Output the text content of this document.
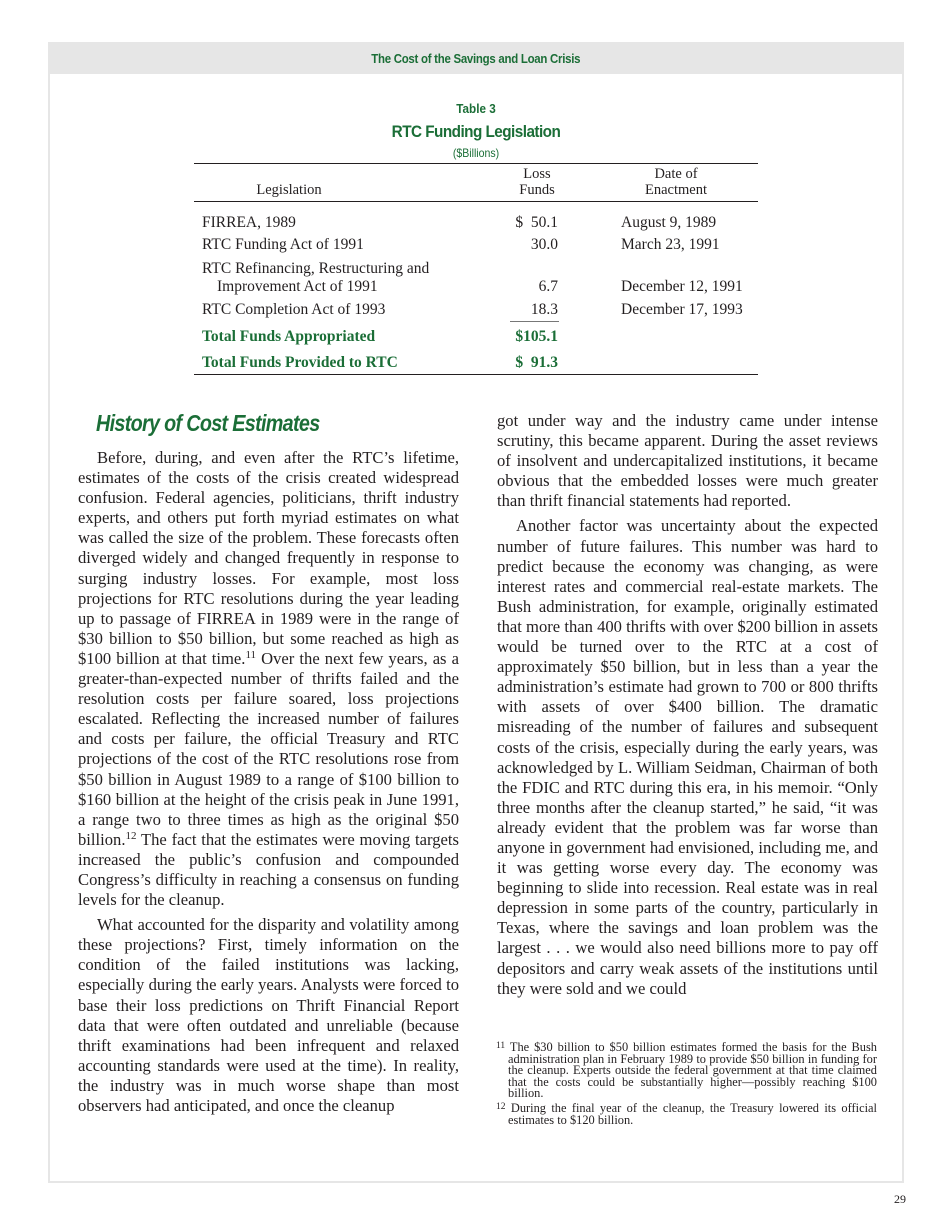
The Cost of the Savings and Loan Crisis
Table 3
RTC Funding Legislation
($Billions)
Legislation
Loss
Funds
Date of
Enactment
FIRREA, 1989	$  50.1	August 9, 1989
RTC Funding Act of 1991	30.0	March 23, 1991
RTC Refinancing, Restructuring and
Improvement Act of 1991	6.7	December 12, 1991
RTC Completion Act of 1993	18.3	December 17, 1993
Total Funds Appropriated	$105.1
Total Funds Provided to RTC	$  91.3
History of Cost Estimates

Before, during, and even after the RTC’s lifetime, estimates of the costs of the crisis created widespread confusion. Federal agencies, politicians, thrift industry experts, and others put forth myriad estimates on what was called the size of the problem. These forecasts often diverged widely and changed frequently in response to surging industry losses. For example, most loss projections for RTC resolutions during the year leading up to passage of FIRREA in 1989 were in the range of $30 billion to $50 billion, but some reached as high as $100 billion at that time.$^{11}$ Over the next few years, as a greater-than-expected number of thrifts failed and the resolution costs per failure soared, loss projections escalated. Reflecting the increased number of failures and costs per failure, the official Treasury and RTC projections of the cost of the RTC resolutions rose from $50 billion in August 1989 to a range of $100 billion to $160 billion at the height of the crisis peak in June 1991, a range two to three times as high as the original $50 billion.$^{12}$ The fact that the estimates were moving targets increased the public’s confusion and compounded Congress’s difficulty in reaching a consensus on funding levels for the cleanup.

What accounted for the disparity and volatility among these projections? First, timely information on the condition of the failed institutions was lacking, especially during the early years. Analysts were forced to base their loss predictions on Thrift Financial Report data that were often outdated and unreliable (because thrift examinations had been infrequent and relaxed accounting standards were used at the time). In reality, the industry was in much worse shape than most observers had anticipated, and once the cleanup

got under way and the industry came under intense scrutiny, this became apparent. During the asset reviews of insolvent and undercapitalized institutions, it became obvious that the embedded losses were much greater than thrift financial statements had reported.

Another factor was uncertainty about the expected number of future failures. This number was hard to predict because the economy was changing, as were interest rates and commercial real-estate markets. The Bush administration, for example, originally estimated that more than 400 thrifts with over $200 billion in assets would be turned over to the RTC at a cost of approximately $50 billion, but in less than a year the administration’s estimate had grown to 700 or 800 thrifts with assets of over $400 billion. The dramatic misreading of the number of failures and subsequent costs of the crisis, especially during the early years, was acknowledged by L. William Seidman, Chairman of both the FDIC and RTC during this era, in his memoir. “Only three months after the cleanup started,” he said, “it was already evident that the problem was far worse than anyone in government had envisioned, including me, and it was getting worse every day. The economy was beginning to slide into recession. Real estate was in real depression in some parts of the country, particularly in Texas, where the savings and loan problem was the largest . . . we would also need billions more to pay off depositors and carry weak assets of the institutions until they were sold and we could

$^{11}$ The $30 billion to $50 billion estimates formed the basis for the Bush administration plan in February 1989 to provide $50 billion in funding for the cleanup. Experts outside the federal government at that time claimed that the costs could be substantially higher—possibly reaching $100 billion.
$^{12}$ During the final year of the cleanup, the Treasury lowered its official estimates to $120 billion.
29
